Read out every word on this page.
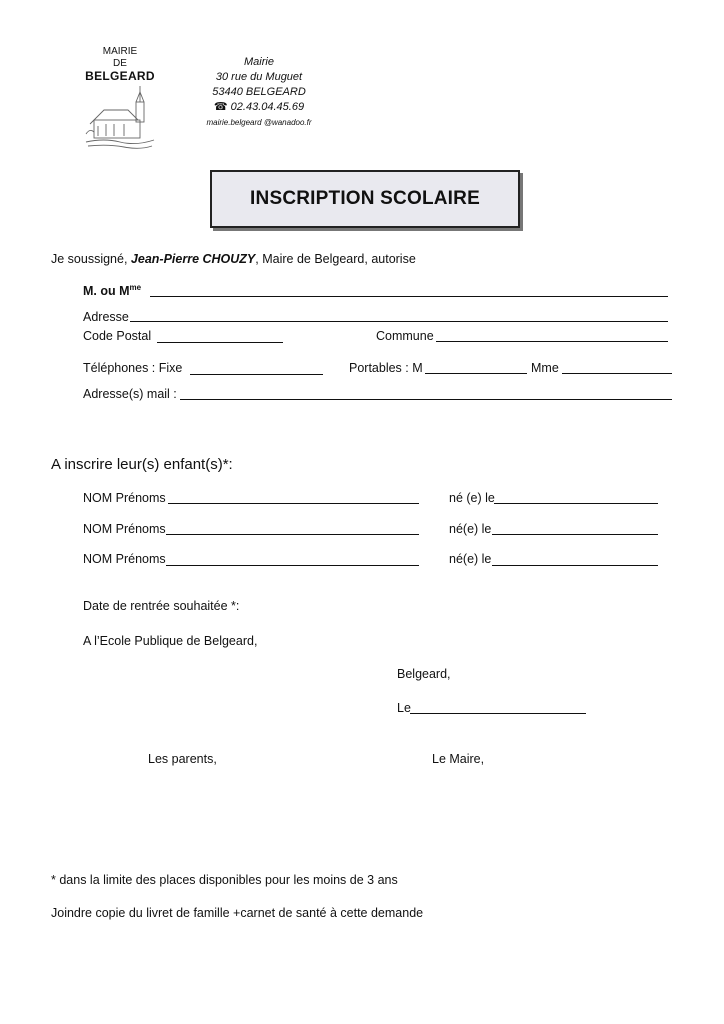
MAIRIE
DE
BELGEARD
Mairie
30 rue du Muguet
53440 BELGEARD
☎ 02.43.04.45.69
mairie.belgeard @wanadoo.fr
INSCRIPTION SCOLAIRE
Je soussigné, Jean-Pierre CHOUZY, Maire de Belgeard, autorise
M. ou $M^{me}$
Adresse
Code Postal	Commune
Téléphones : Fixe	Portables : M	Mme
Adresse(s) mail :
A inscrire leur(s) enfant(s)*:
NOM Prénoms	né (e) le
NOM Prénoms	né(e) le
NOM Prénoms	né(e) le
Date de rentrée souhaitée *:
A l’Ecole Publique de Belgeard,
Belgeard,
Le
Les parents,	Le Maire,
* dans la limite des places disponibles pour les moins de 3 ans
Joindre copie du livret de famille +carnet de santé à cette demande
